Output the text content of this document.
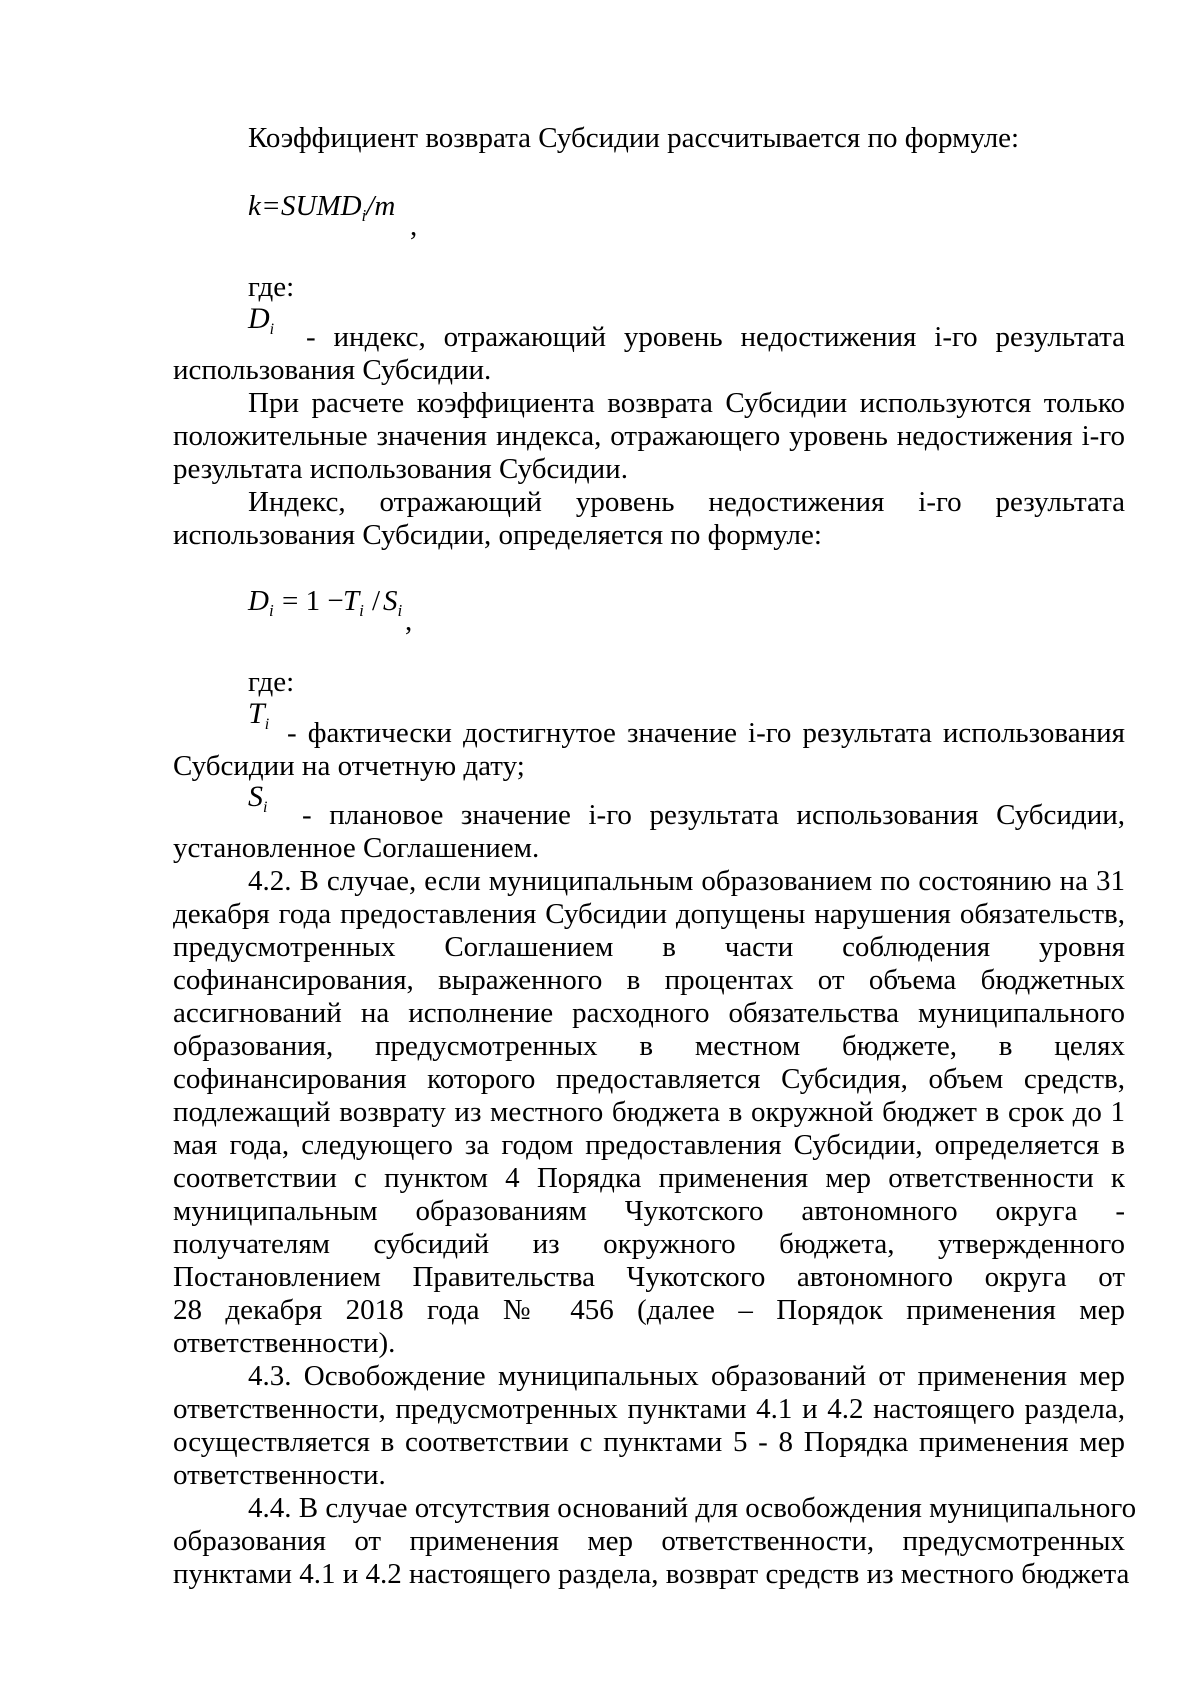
Коэффициент возврата Субсидии рассчитывается по формуле:
$k = SUMD_i/m$
,
где:
$D_i$ - индекс, отражающий уровень недостижения i-го результата
использования Субсидии.
При расчете коэффициента возврата Субсидии используются только
положительные значения индекса, отражающего уровень недостижения i-го
результата использования Субсидии.
Индекс, отражающий уровень недостижения i-го результата
использования Субсидии, определяется по формуле:
$D_i = 1 - T_i / S_i$ ,
где:
$T_i$ - фактически достигнутое значение i-го результата использования
Субсидии на отчетную дату;
$S_i$ - плановое значение i-го результата использования Субсидии,
установленное Соглашением.
4.2. В случае, если муниципальным образованием по состоянию на 31
декабря года предоставления Субсидии допущены нарушения обязательств,
предусмотренных Соглашением в части соблюдения уровня
софинансирования, выраженного в процентах от объема бюджетных
ассигнований на исполнение расходного обязательства муниципального
образования, предусмотренных в местном бюджете, в целях
софинансирования которого предоставляется Субсидия, объем средств,
подлежащий возврату из местного бюджета в окружной бюджет в срок до 1
мая года, следующего за годом предоставления Субсидии, определяется в
соответствии с пунктом 4 Порядка применения мер ответственности к
муниципальным образованиям Чукотского автономного округа -
получателям субсидий из окружного бюджета, утвержденного
Постановлением Правительства Чукотского автономного округа от
28 декабря 2018 года № 456 (далее – Порядок применения мер
ответственности).
4.3. Освобождение муниципальных образований от применения мер
ответственности, предусмотренных пунктами 4.1 и 4.2 настоящего раздела,
осуществляется в соответствии с пунктами 5 - 8 Порядка применения мер
ответственности.
4.4. В случае отсутствия оснований для освобождения муниципального
образования от применения мер ответственности, предусмотренных
пунктами 4.1 и 4.2 настоящего раздела, возврат средств из местного бюджета
